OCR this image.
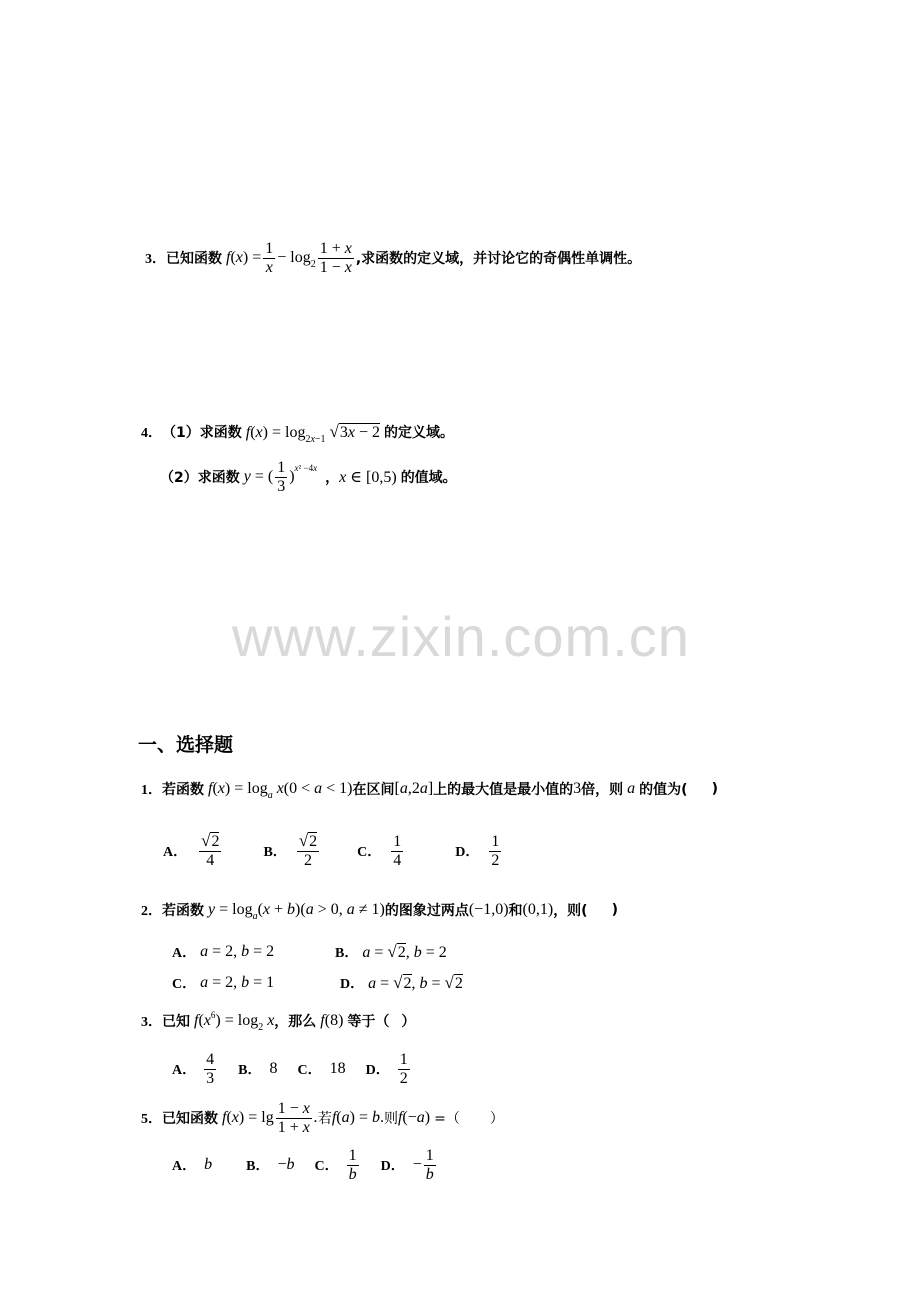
www.zixin.com.cn
3． 已知函数 $f(x) = \frac{1}{x} - \log_2 \frac{1 + x}{1 - x}$ ,求函数的定义域，并讨论它的奇偶性单调性。
4． （1）求函数 $f(x) = \log_{2x-1} √3x - 2$ 的定义域。
（2）求函数 y = ( $\frac{1}{3} )^{x^2 -4x}$
， x ∈ [0,5) 的值域。
一、选择题
1． 若函数 $f(x) = \log_a x(0 < a < 1)$ 在区间 [a,2a] 上的最大值是最小值的 3 倍，则 a 的值为( )
A． $\frac{√2}{4}$	B． $\frac{√2}{2}$	C． $\frac{1}{4}$	D． $\frac{1}{2}$
2． 若函数 $y = \log_a(x + b)(a > 0$, a ≠ 1) 的图象过两点 (−1,0) 和 (0,1) ，则( )
A． a = 2, b = 2	B． a = √2, b = 2
C． a = 2, b = 1	D． a = √2, b = √2
3． 已知 $f(x^6) = \log_2 x$ ，那么 f(8) 等于（ ）
A． $\frac{4}{3}$ B． 8 C． 18 D． $\frac{1}{2}$
5． 已知函数 $f(x) = \lg \frac{1 - x}{1 + x}$ . 若 f(a) = b. 则 f(−a) =（ ）
A． b B． −b C． $\frac{1}{b}$ D． − $\frac{1}{b}$
